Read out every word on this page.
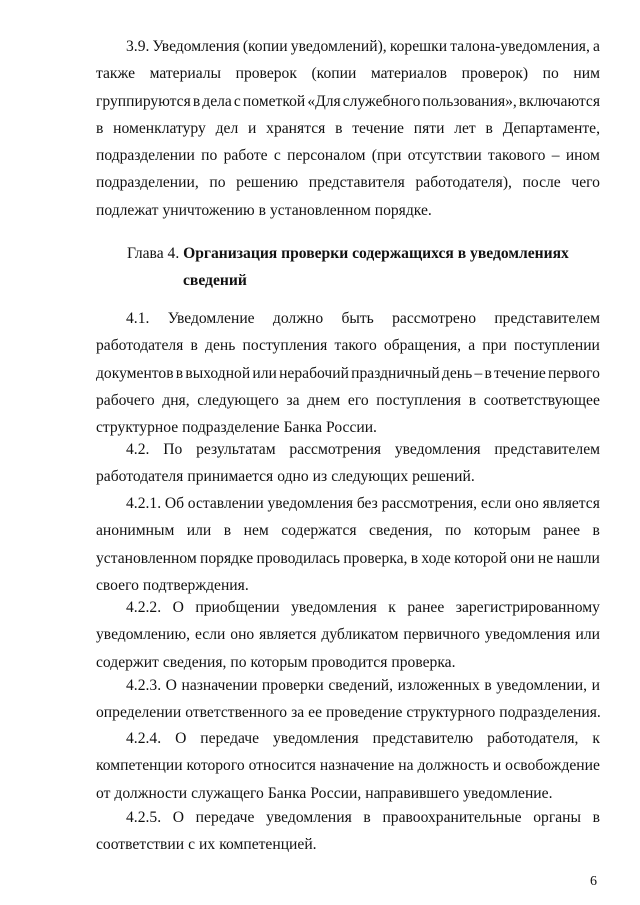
3.9. Уведомления (копии уведомлений), корешки талона-уведомления, а
также материалы проверок (копии материалов проверок) по ним
группируются в дела с пометкой «Для служебного пользования», включаются
в номенклатуру дел и хранятся в течение пяти лет в Департаменте,
подразделении по работе с персоналом (при отсутствии такового – ином
подразделении, по решению представителя работодателя), после чего
подлежат уничтожению в установленном порядке.
Глава 4. Организация проверки содержащихся в уведомлениях
сведений
4.1. Уведомление должно быть рассмотрено представителем
работодателя в день поступления такого обращения, а при поступлении
документов в выходной или нерабочий праздничный день – в течение первого
рабочего дня, следующего за днем его поступления в соответствующее
структурное подразделение Банка России.
4.2. По результатам рассмотрения уведомления представителем
работодателя принимается одно из следующих решений.
4.2.1. Об оставлении уведомления без рассмотрения, если оно является
анонимным или в нем содержатся сведения, по которым ранее в
установленном порядке проводилась проверка, в ходе которой они не нашли
своего подтверждения.
4.2.2. О приобщении уведомления к ранее зарегистрированному
уведомлению, если оно является дубликатом первичного уведомления или
содержит сведения, по которым проводится проверка.
4.2.3. О назначении проверки сведений, изложенных в уведомлении, и
определении ответственного за ее проведение структурного подразделения.
4.2.4. О передаче уведомления представителю работодателя, к
компетенции которого относится назначение на должность и освобождение
от должности служащего Банка России, направившего уведомление.
4.2.5. О передаче уведомления в правоохранительные органы в
соответствии с их компетенцией.
6
